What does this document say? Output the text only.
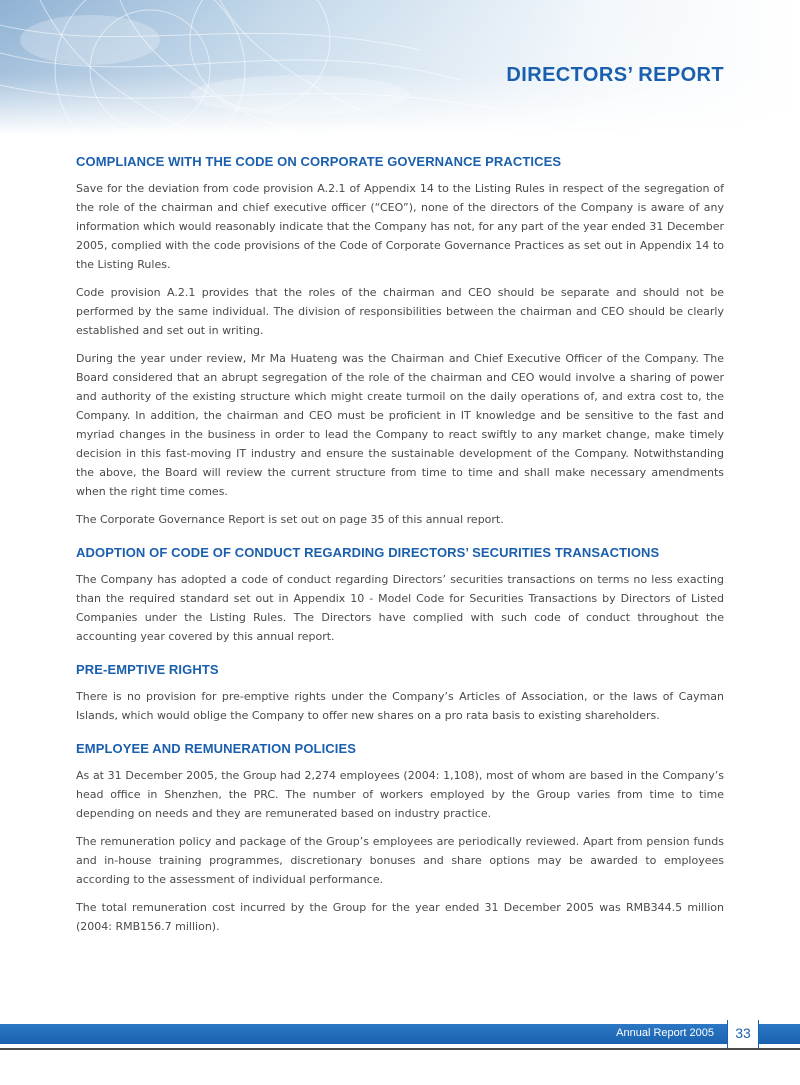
DIRECTORS’ REPORT
COMPLIANCE WITH THE CODE ON CORPORATE GOVERNANCE PRACTICES

Save for the deviation from code provision A.2.1 of Appendix 14 to the Listing Rules in respect of the segregation of the role of the chairman and chief executive officer (“CEO”), none of the directors of the Company is aware of any information which would reasonably indicate that the Company has not, for any part of the year ended 31 December 2005, complied with the code provisions of the Code of Corporate Governance Practices as set out in Appendix 14 to the Listing Rules.

Code provision A.2.1 provides that the roles of the chairman and CEO should be separate and should not be performed by the same individual. The division of responsibilities between the chairman and CEO should be clearly established and set out in writing.

During the year under review, Mr Ma Huateng was the Chairman and Chief Executive Officer of the Company. The Board considered that an abrupt segregation of the role of the chairman and CEO would involve a sharing of power and authority of the existing structure which might create turmoil on the daily operations of, and extra cost to, the Company. In addition, the chairman and CEO must be proficient in IT knowledge and be sensitive to the fast and myriad changes in the business in order to lead the Company to react swiftly to any market change, make timely decision in this fast-moving IT industry and ensure the sustainable development of the Company. Notwithstanding the above, the Board will review the current structure from time to time and shall make necessary amendments when the right time comes.

The Corporate Governance Report is set out on page 35 of this annual report.

ADOPTION OF CODE OF CONDUCT REGARDING DIRECTORS’ SECURITIES TRANSACTIONS

The Company has adopted a code of conduct regarding Directors’ securities transactions on terms no less exacting than the required standard set out in Appendix 10 - Model Code for Securities Transactions by Directors of Listed Companies under the Listing Rules. The Directors have complied with such code of conduct throughout the accounting year covered by this annual report.

PRE-EMPTIVE RIGHTS

There is no provision for pre-emptive rights under the Company’s Articles of Association, or the laws of Cayman Islands, which would oblige the Company to offer new shares on a pro rata basis to existing shareholders.

EMPLOYEE AND REMUNERATION POLICIES

As at 31 December 2005, the Group had 2,274 employees (2004: 1,108), most of whom are based in the Company’s head office in Shenzhen, the PRC. The number of workers employed by the Group varies from time to time depending on needs and they are remunerated based on industry practice.

The remuneration policy and package of the Group’s employees are periodically reviewed. Apart from pension funds and in-house training programmes, discretionary bonuses and share options may be awarded to employees according to the assessment of individual performance.

The total remuneration cost incurred by the Group for the year ended 31 December 2005 was RMB344.5 million (2004: RMB156.7 million).

Annual Report 2005	33
